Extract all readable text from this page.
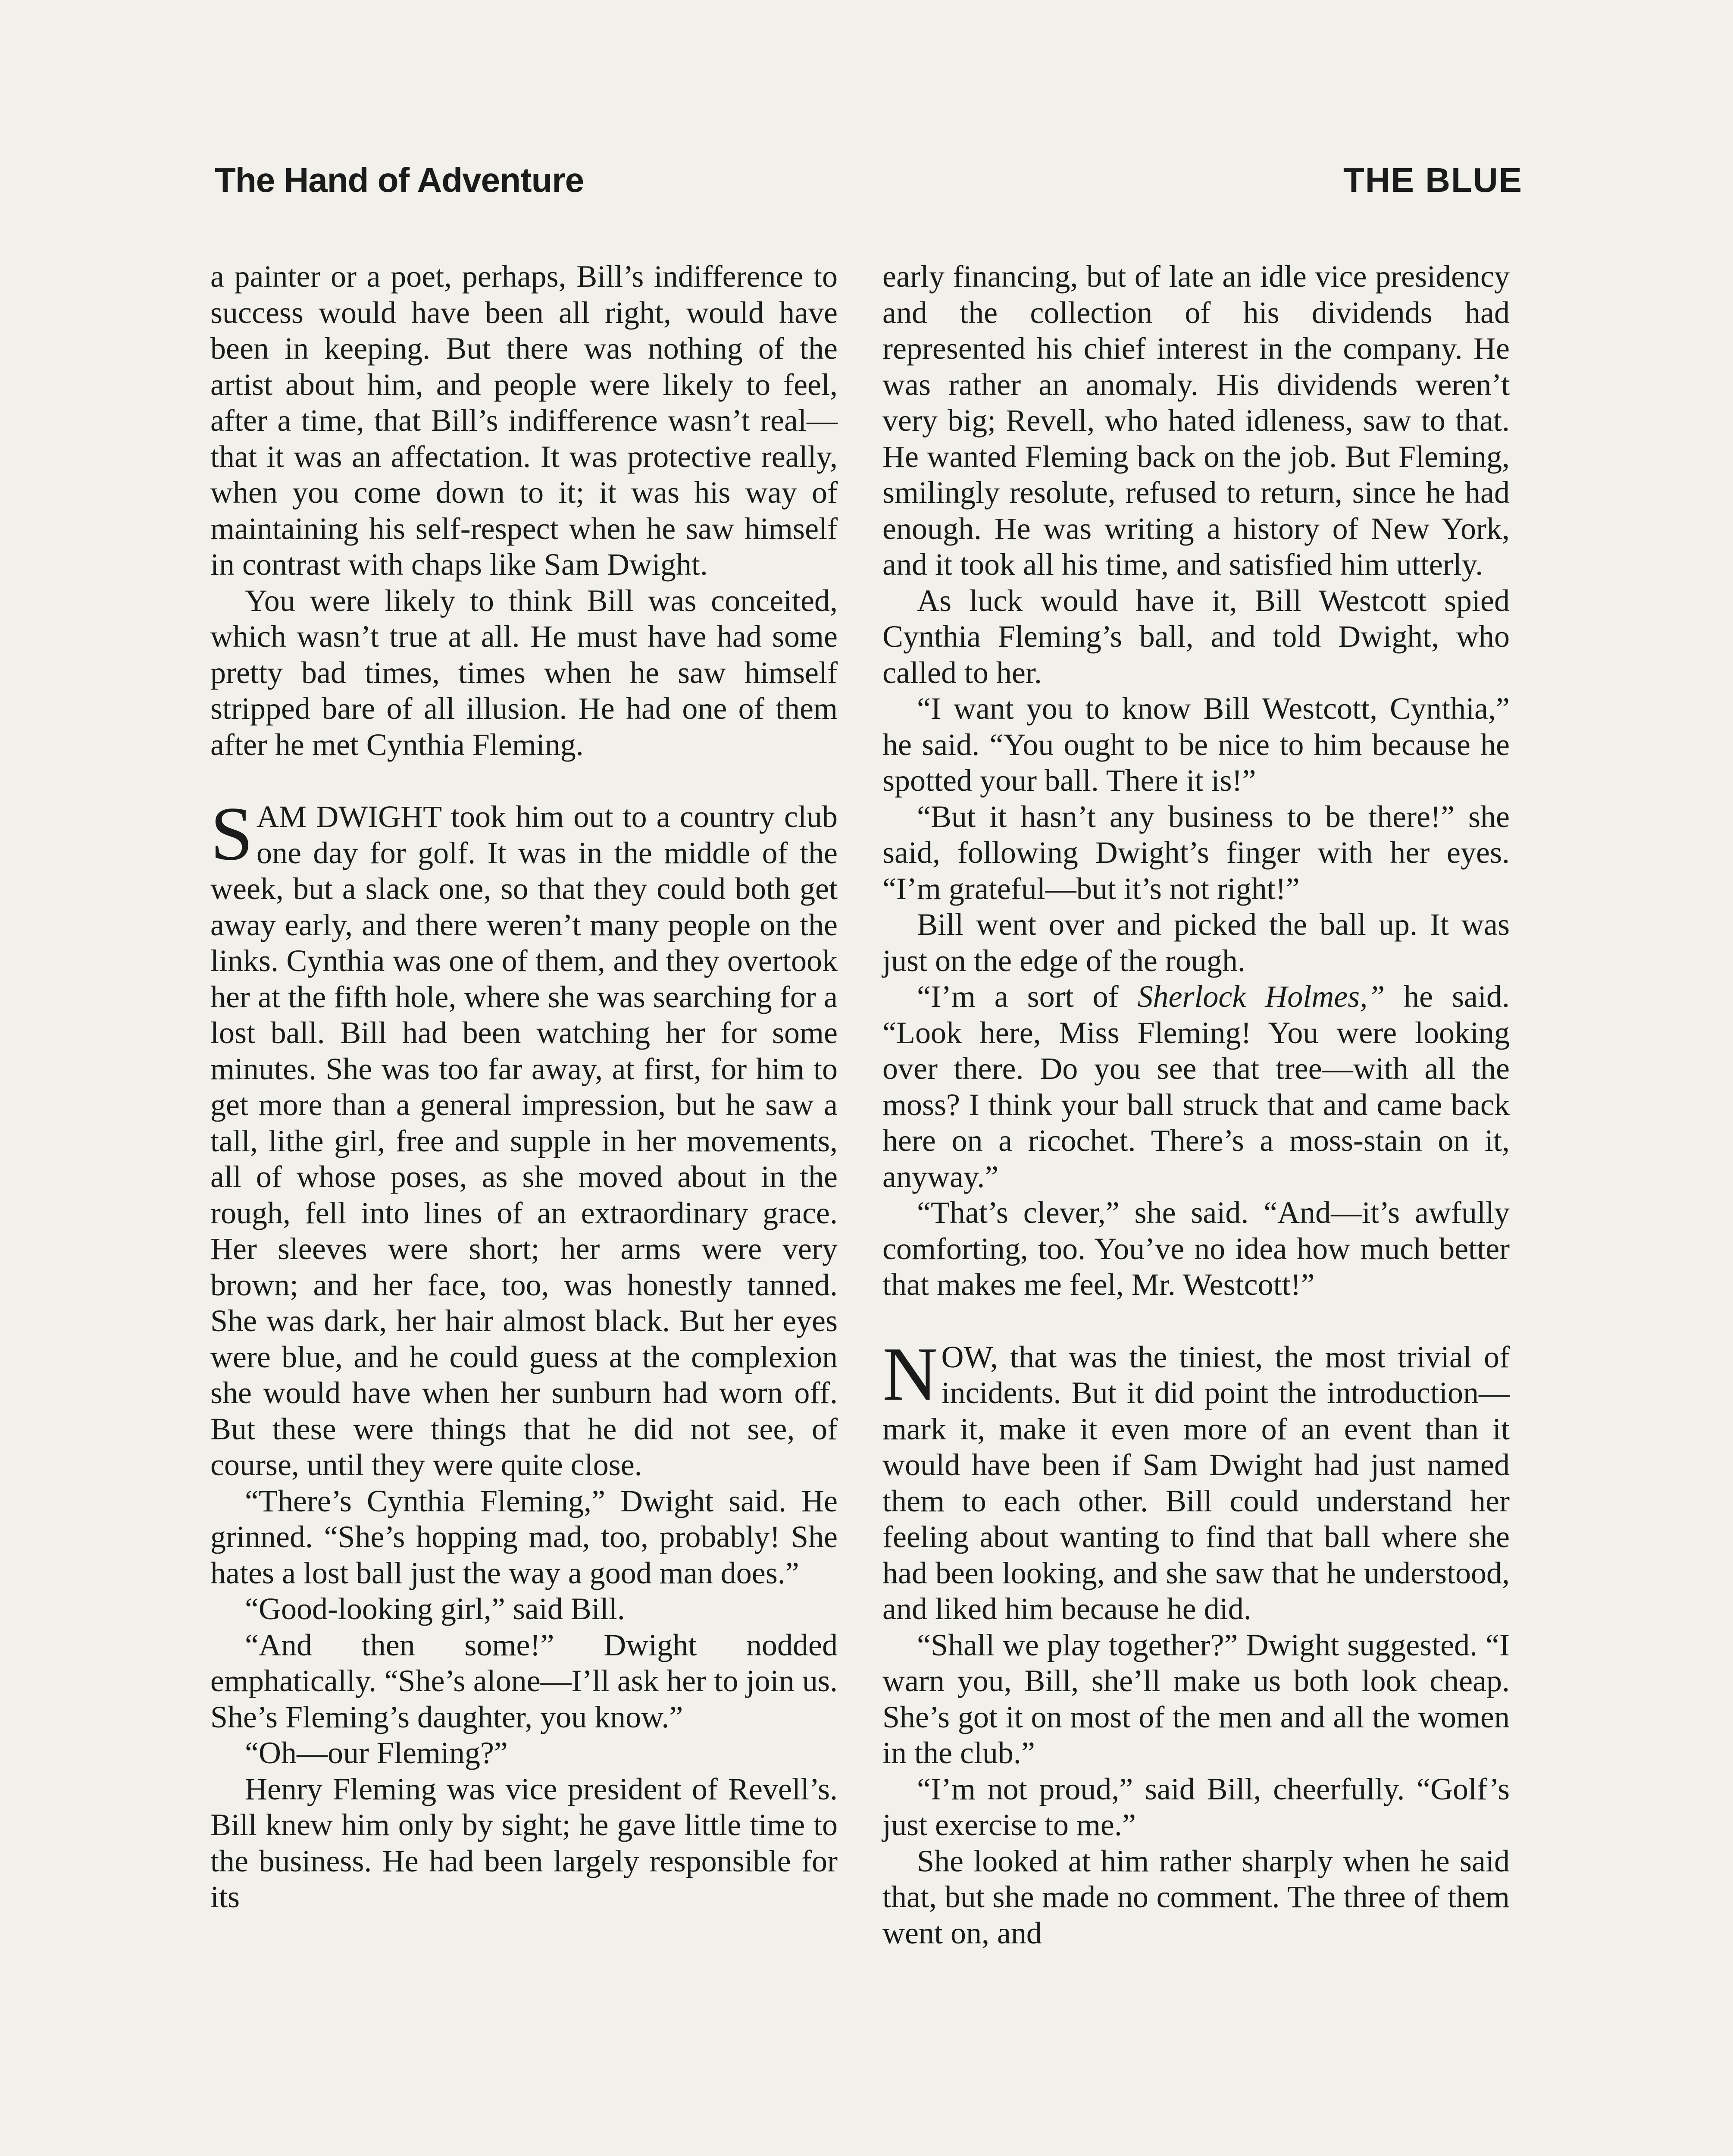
The Hand of Adventure	THE BLUE

a painter or a poet, perhaps, Bill’s indifference to success would have been all right, would have been in keeping. But there was nothing of the artist about him, and people were likely to feel, after a time, that Bill’s indifference wasn’t real—that it was an affectation. It was protective really, when you come down to it; it was his way of maintaining his self-respect when he saw himself in contrast with chaps like Sam Dwight.

You were likely to think Bill was conceited, which wasn’t true at all. He must have had some pretty bad times, times when he saw himself stripped bare of all illusion. He had one of them after he met Cynthia Fleming.

SAM DWIGHT took him out to a country club one day for golf. It was in the middle of the week, but a slack one, so that they could both get away early, and there weren’t many people on the links. Cynthia was one of them, and they overtook her at the fifth hole, where she was searching for a lost ball. Bill had been watching her for some minutes. She was too far away, at first, for him to get more than a general impression, but he saw a tall, lithe girl, free and supple in her movements, all of whose poses, as she moved about in the rough, fell into lines of an extraordinary grace. Her sleeves were short; her arms were very brown; and her face, too, was honestly tanned. She was dark, her hair almost black. But her eyes were blue, and he could guess at the complexion she would have when her sunburn had worn off. But these were things that he did not see, of course, until they were quite close.

“There’s Cynthia Fleming,” Dwight said. He grinned. “She’s hopping mad, too, probably! She hates a lost ball just the way a good man does.”

“Good-looking girl,” said Bill.

“And then some!” Dwight nodded emphatically. “She’s alone—I’ll ask her to join us. She’s Fleming’s daughter, you know.”

“Oh—our Fleming?”

Henry Fleming was vice president of Revell’s. Bill knew him only by sight; he gave little time to the business. He had been largely responsible for its

early financing, but of late an idle vice presidency and the collection of his dividends had represented his chief interest in the company. He was rather an anomaly. His dividends weren’t very big; Revell, who hated idleness, saw to that. He wanted Fleming back on the job. But Fleming, smilingly resolute, refused to return, since he had enough. He was writing a history of New York, and it took all his time, and satisfied him utterly.

As luck would have it, Bill Westcott spied Cynthia Fleming’s ball, and told Dwight, who called to her.

“I want you to know Bill Westcott, Cynthia,” he said. “You ought to be nice to him because he spotted your ball. There it is!”

“But it hasn’t any business to be there!” she said, following Dwight’s finger with her eyes. “I’m grateful—but it’s not right!”

Bill went over and picked the ball up. It was just on the edge of the rough.

“I’m a sort of Sherlock Holmes,” he said. “Look here, Miss Fleming! You were looking over there. Do you see that tree—with all the moss? I think your ball struck that and came back here on a ricochet. There’s a moss-stain on it, anyway.”

“That’s clever,” she said. “And—it’s awfully comforting, too. You’ve no idea how much better that makes me feel, Mr. Westcott!”

NOW, that was the tiniest, the most trivial of incidents. But it did point the introduction—mark it, make it even more of an event than it would have been if Sam Dwight had just named them to each other. Bill could understand her feeling about wanting to find that ball where she had been looking, and she saw that he understood, and liked him because he did.

“Shall we play together?” Dwight suggested. “I warn you, Bill, she’ll make us both look cheap. She’s got it on most of the men and all the women in the club.”

“I’m not proud,” said Bill, cheerfully. “Golf’s just exercise to me.”

She looked at him rather sharply when he said that, but she made no comment. The three of them went on, and
